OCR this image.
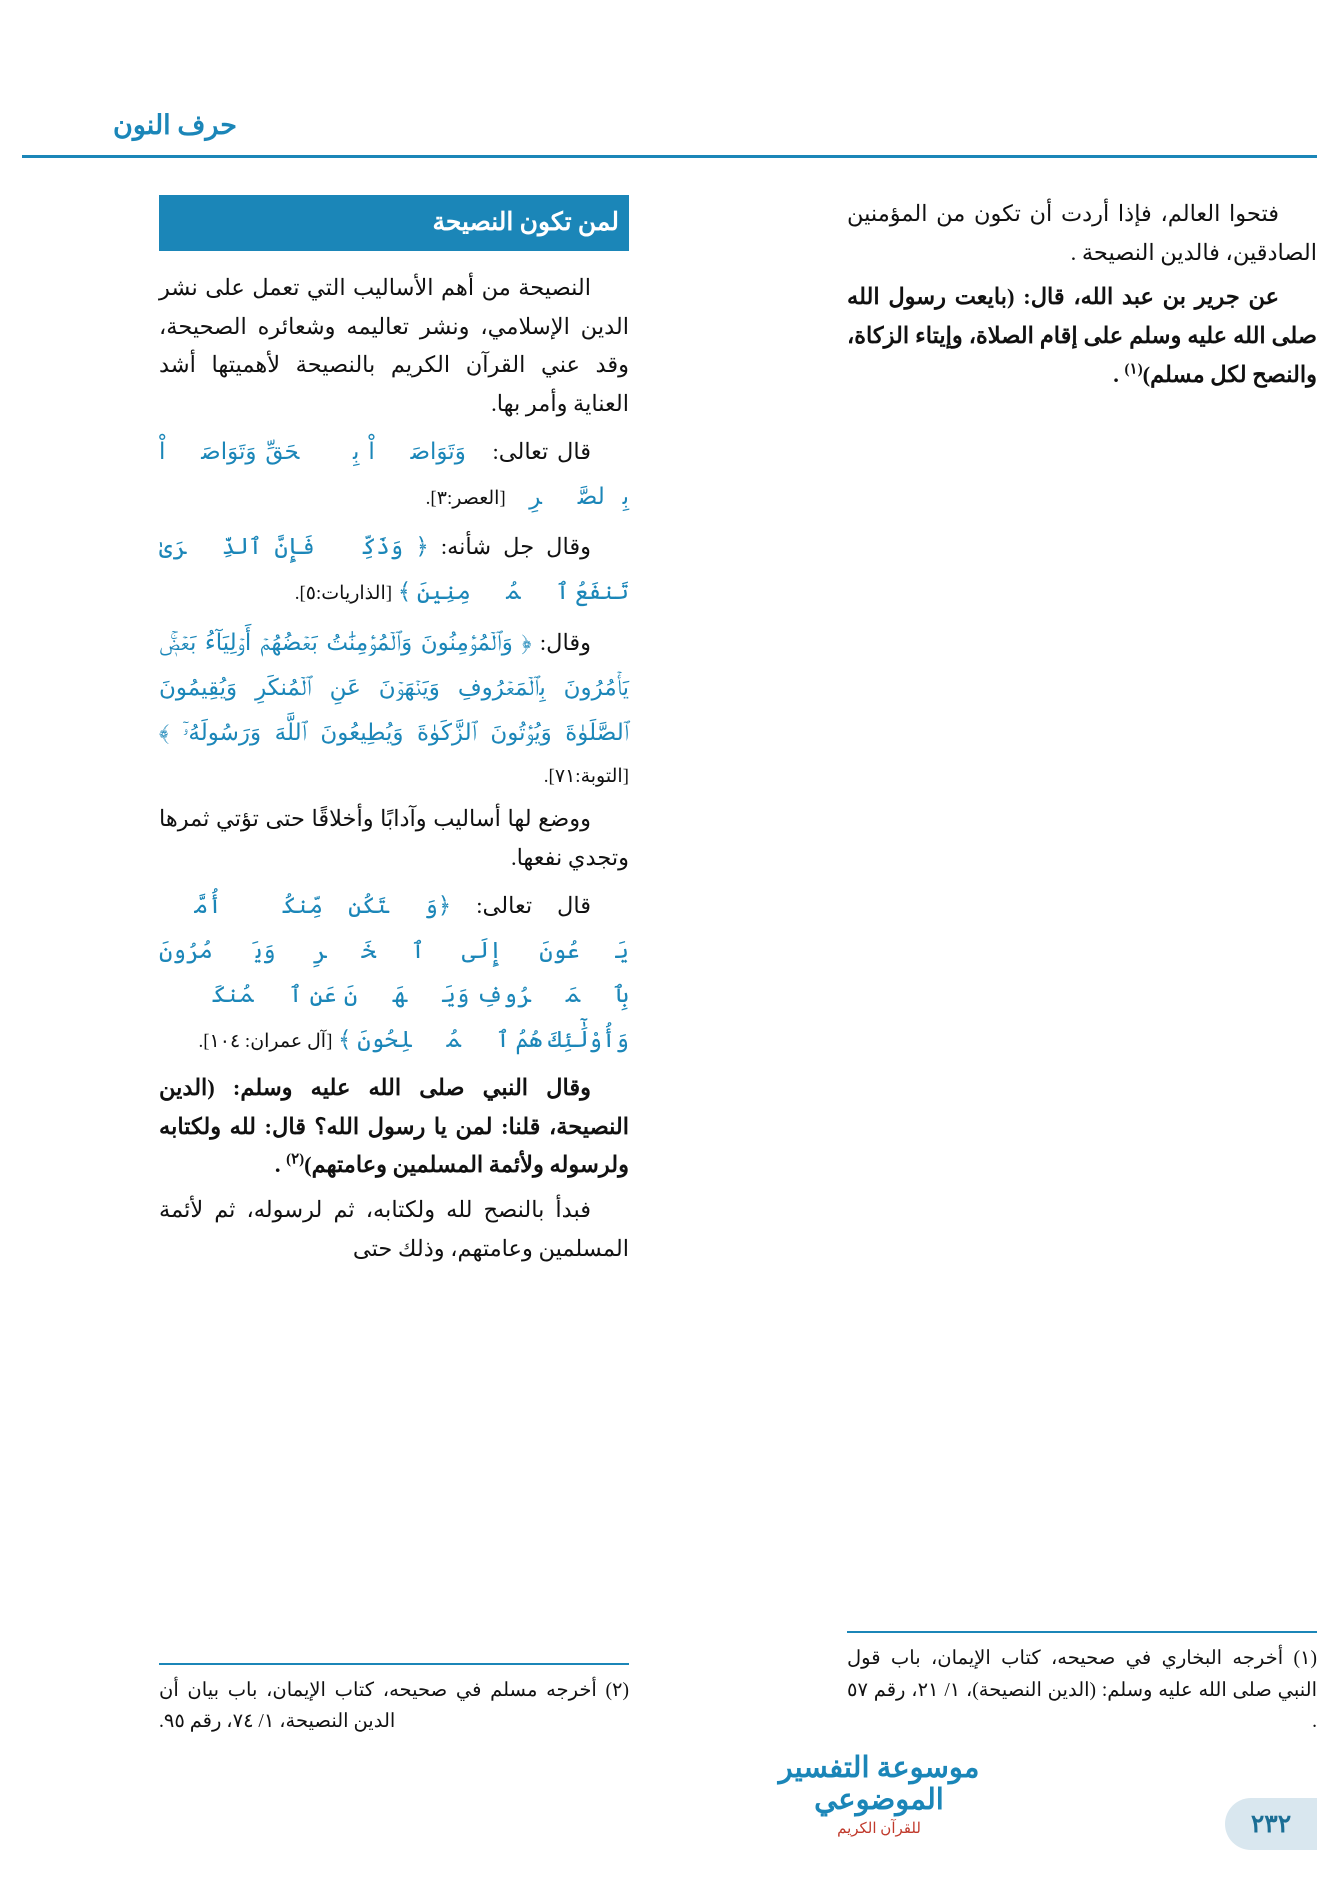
حرف النون

فتحوا العالم، فإذا أردت أن تكون من المؤمنين الصادقين، فالدين النصيحة .

عن جرير بن عبد الله، قال: (بايعت رسول الله صلى الله عليه وسلم على إقام الصلاة، وإيتاء الزكاة، والنصح لكل مسلم)$^{(١)}$ .

لمن تكون النصيحة

النصيحة من أهم الأساليب التي تعمل على نشر الدين الإسلامي، ونشر تعاليمه وشعائره الصحيحة، وقد عني القرآن الكريم بالنصيحة لأهميتها أشد العناية وأمر بها.

قال تعالى: ﴿وَتَوَاصَوۡاْ بِٱلۡحَقِّ وَتَوَاصَوۡاْ بِٱلصَّبۡرِ﴾ [العصر:٣].

وقال جل شأنه: ﴿ وَذَكِّرۡ فَإِنَّ ٱلذِّكۡرَىٰ تَنفَعُ ٱلۡمُؤۡمِنِينَ ﴾ [الذاريات:٥].

وقال: ﴿ وَٱلۡمُؤۡمِنُونَ وَٱلۡمُؤۡمِنَٰتُ بَعۡضُهُمۡ أَوۡلِيَآءُ بَعۡضٖۚ يَأۡمُرُونَ بِٱلۡمَعۡرُوفِ وَيَنۡهَوۡنَ عَنِ ٱلۡمُنكَرِ وَيُقِيمُونَ ٱلصَّلَوٰةَ وَيُؤۡتُونَ ٱلزَّكَوٰةَ وَيُطِيعُونَ ٱللَّهَ وَرَسُولَهُۥٓ ﴾ [التوبة:٧١].

ووضع لها أساليب وآدابًا وأخلاقًا حتى تؤتي ثمرها وتجدي نفعها.

قال تعالى: ﴿وَلۡتَكُن مِّنكُمۡ أُمَّةٞ يَدۡعُونَ إِلَى ٱلۡخَيۡرِ وَيَأۡمُرُونَ بِٱلۡمَعۡرُوفِ وَيَنۡهَوۡنَ عَنِ ٱلۡمُنكَرِۚ وَأُوْلَٰٓئِكَ هُمُ ٱلۡمُفۡلِحُونَ ﴾ [آل عمران: ١٠٤].

وقال النبي صلى الله عليه وسلم: (الدين النصيحة، قلنا: لمن يا رسول الله؟ قال: لله ولكتابه ولرسوله ولأئمة المسلمين وعامتهم)$^{(٢)}$ .

فبدأ بالنصح لله ولكتابه، ثم لرسوله، ثم لأئمة المسلمين وعامتهم، وذلك حتى

(١) أخرجه البخاري في صحيحه، كتاب الإيمان، باب قول النبي صلى الله عليه وسلم: (الدين النصيحة)، ١/ ٢١، رقم ٥٧ .

(٢) أخرجه مسلم في صحيحه، كتاب الإيمان، باب بيان أن الدين النصيحة، ١/ ٧٤، رقم ٩٥.

موسوعة التفسير الموضوعي
للقرآن الكريم	٢٣٢
